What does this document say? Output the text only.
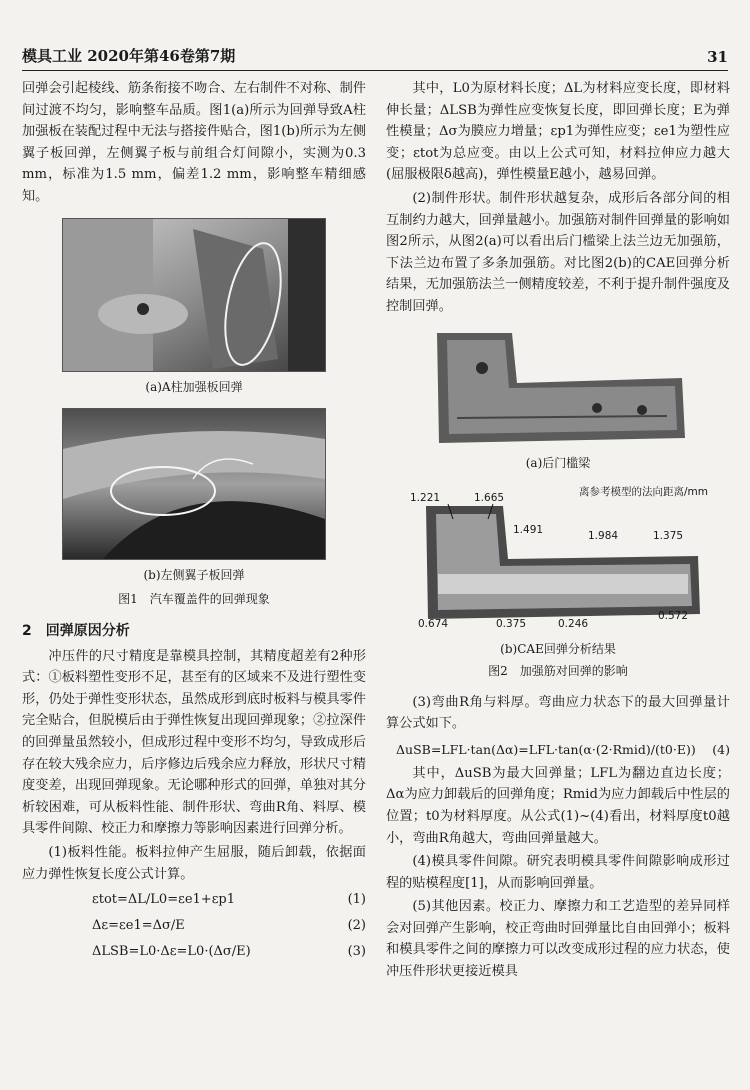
模具工业 2020年第46卷第7期	31

回弹会引起棱线、筋条衔接不吻合、左右制件不对称、制件间过渡不均匀，影响整车品质。图1(a)所示为回弹导致A柱加强板在装配过程中无法与搭接件贴合，图1(b)所示为左侧翼子板回弹，左侧翼子板与前组合灯间隙小，实测为0.3 mm，标准为1.5 mm，偏差1.2 mm，影响整车精细感知。

(a)A柱加强板回弹
(b)左侧翼子板回弹
图1　汽车覆盖件的回弹现象
2　回弹原因分析

冲压件的尺寸精度是靠模具控制，其精度超差有2种形式：①板料塑性变形不足，甚至有的区域来不及进行塑性变形，仍处于弹性变形状态，虽然成形到底时板料与模具零件完全贴合，但脱模后由于弹性恢复出现回弹现象；②拉深件的回弹量虽然较小，但成形过程中变形不均匀，导致成形后存在较大残余应力，后序修边后残余应力释放，形状尺寸精度变差，出现回弹现象。无论哪种形式的回弹，单独对其分析较困难，可从板料性能、制件形状、弯曲R角、料厚、模具零件间隙、校正力和摩擦力等影响因素进行回弹分析。

(1)板料性能。板料拉伸产生屈服，随后卸载，依据面应力弹性恢复长度公式计算。

εtot=ΔL/L0=εe1+εp1	(1)
Δε=εe1=Δσ/E	(2)
ΔLSB=L0·Δε=L0·(Δσ/E)	(3)

其中，L0为原材料长度；ΔL为材料应变长度，即材料伸长量；ΔLSB为弹性应变恢复长度，即回弹长度；E为弹性模量；Δσ为膜应力增量；εp1为弹性应变；εe1为塑性应变；εtot为总应变。由以上公式可知，材料拉伸应力越大(屈服极限δ越高)，弹性模量E越小，越易回弹。

(2)制件形状。制件形状越复杂，成形后各部分间的相互制约力越大，回弹量越小。加强筋对制件回弹量的影响如图2所示，从图2(a)可以看出后门槛梁上法兰边无加强筋，下法兰边布置了多条加强筋。对比图2(b)的CAE回弹分析结果，无加强筋法兰一侧精度较差，不利于提升制件强度及控制回弹。

(a)后门槛梁
离参考模型的法向距离/mm
1.221	1.665
1.491	1.984	1.375
0.674	0.375	0.246
0.572
(b)CAE回弹分析结果
图2　加强筋对回弹的影响

(3)弯曲R角与料厚。弯曲应力状态下的最大回弹量计算公式如下。

ΔuSB=LFL·tan(Δα)=LFL·tan(α·(2·Rmid)/(t0·E))	(4)

其中，ΔuSB为最大回弹量；LFL为翻边直边长度；Δα为应力卸载后的回弹角度；Rmid为应力卸载后中性层的位置；t0为材料厚度。从公式(1)~(4)看出，材料厚度t0越小，弯曲R角越大，弯曲回弹量越大。

(4)模具零件间隙。研究表明模具零件间隙影响成形过程的贴模程度[1]，从而影响回弹量。

(5)其他因素。校正力、摩擦力和工艺造型的差异同样会对回弹产生影响，校正弯曲时回弹量比自由回弹小；板料和模具零件之间的摩擦力可以改变成形过程的应力状态，使冲压件形状更接近模具
